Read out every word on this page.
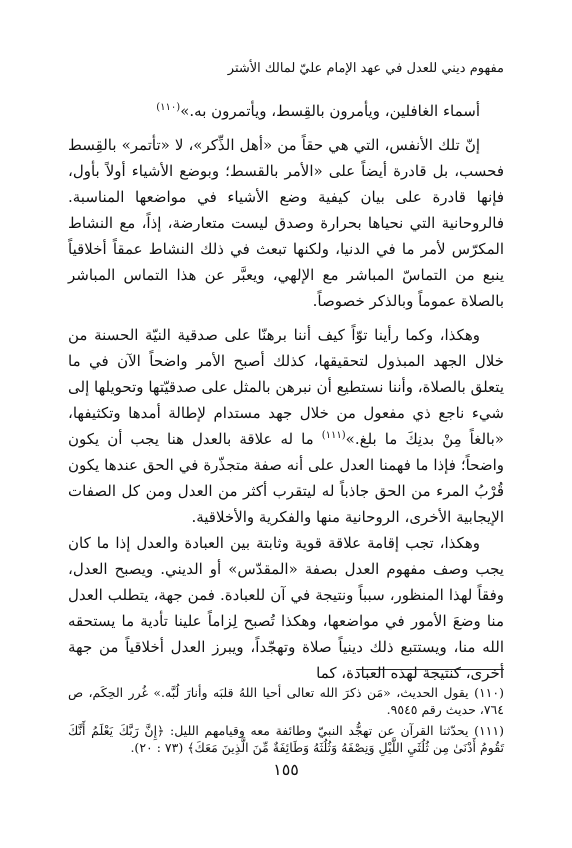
مفهوم ديني للعدل في عهد الإمام عليّ لمالك الأشتر

أسماء الغافلين، ويأمرون بالقِسط، ويأتمرون به.»$^{(١١٠)}$

إنّ تلك الأنفس، التي هي حقاً من «أهل الذِّكر»، لا «تأتمر» بالقِسط فحسب، بل قادرة أيضاً على «الأمر بالقسط؛ وبوضع الأشياء أولاً بأول، فإنها قادرة على بيان كيفية وضع الأشياء في مواضعها المناسبة. فالروحانية التي نحياها بحرارة وصدق ليست متعارضة، إذاً، مع النشاط المكرّس لأمر ما في الدنيا، ولكنها تبعث في ذلك النشاط عمقاً أخلاقياً ينبع من التماسّ المباشر مع الإلهي، ويعبَّر عن هذا التماس المباشر بالصلاة عموماً وبالذكر خصوصاً.

وهكذا، وكما رأينا توّاً كيف أننا برهنّا على صدقية النيّة الحسنة من خلال الجهد المبذول لتحقيقها، كذلك أصبح الأمر واضحاً الآن في ما يتعلق بالصلاة، وأننا نستطيع أن نبرهن بالمثل على صدقيّتها وتحويلها إلى شيء ناجع ذي مفعول من خلال جهد مستدام لإطالة أمدها وتكثيفها، «بالغاً مِنْ بدنِكَ ما بلغ.»$^{(١١١)}$ ما له علاقة بالعدل هنا يجب أن يكون واضحاً؛ فإذا ما فهمنا العدل على أنه صفة متجذّرة في الحق عندها يكون قُرْبُ المرء من الحق جاذباً له ليتقرب أكثر من العدل ومن كل الصفات الإيجابية الأخرى، الروحانية منها والفكرية والأخلاقية.

وهكذا، تجب إقامة علاقة قوية وثابتة بين العبادة والعدل إذا ما كان يجب وصف مفهوم العدل بصفة «المقدّس» أو الديني. ويصبح العدل، وفقاً لهذا المنظور، سبباً ونتيجة في آن للعبادة. فمن جهة، يتطلب العدل منا وضعَ الأمور في مواضعها، وهكذا تُصبح لِزاماً علينا تأدية ما يستحقه الله منا، ويستتبع ذلك دينياً صلاة وتهجّداً، ويبرز العدل أخلاقياً من جهة أخرى، كنتيجة لهذه العبادة، كما

(١١٠) يقول الحديث، «مَن ذكرَ الله تعالى أحيا اللهُ قلبَه وأنارَ لُبَّه.» غُرر الحِكَم، ص ٧٦٤، حديث رقم ٩٥٤٥.

(١١١) يحدّثنا القرآن عن تهجُّد النبيّ وطائفة معه وقيامهم الليل: ﴿إِنَّ رَبَّكَ يَعْلَمُ أَنَّكَ تَقُومُ أَدْنَىٰ مِن ثُلُثَيِ اللَّيْلِ وَنِصْفَهُ وَثُلُثَهُ وَطَائِفَةٌ مِّنَ الَّذِينَ مَعَكَ﴾ (٧٣ : ٢٠).

١٥٥
